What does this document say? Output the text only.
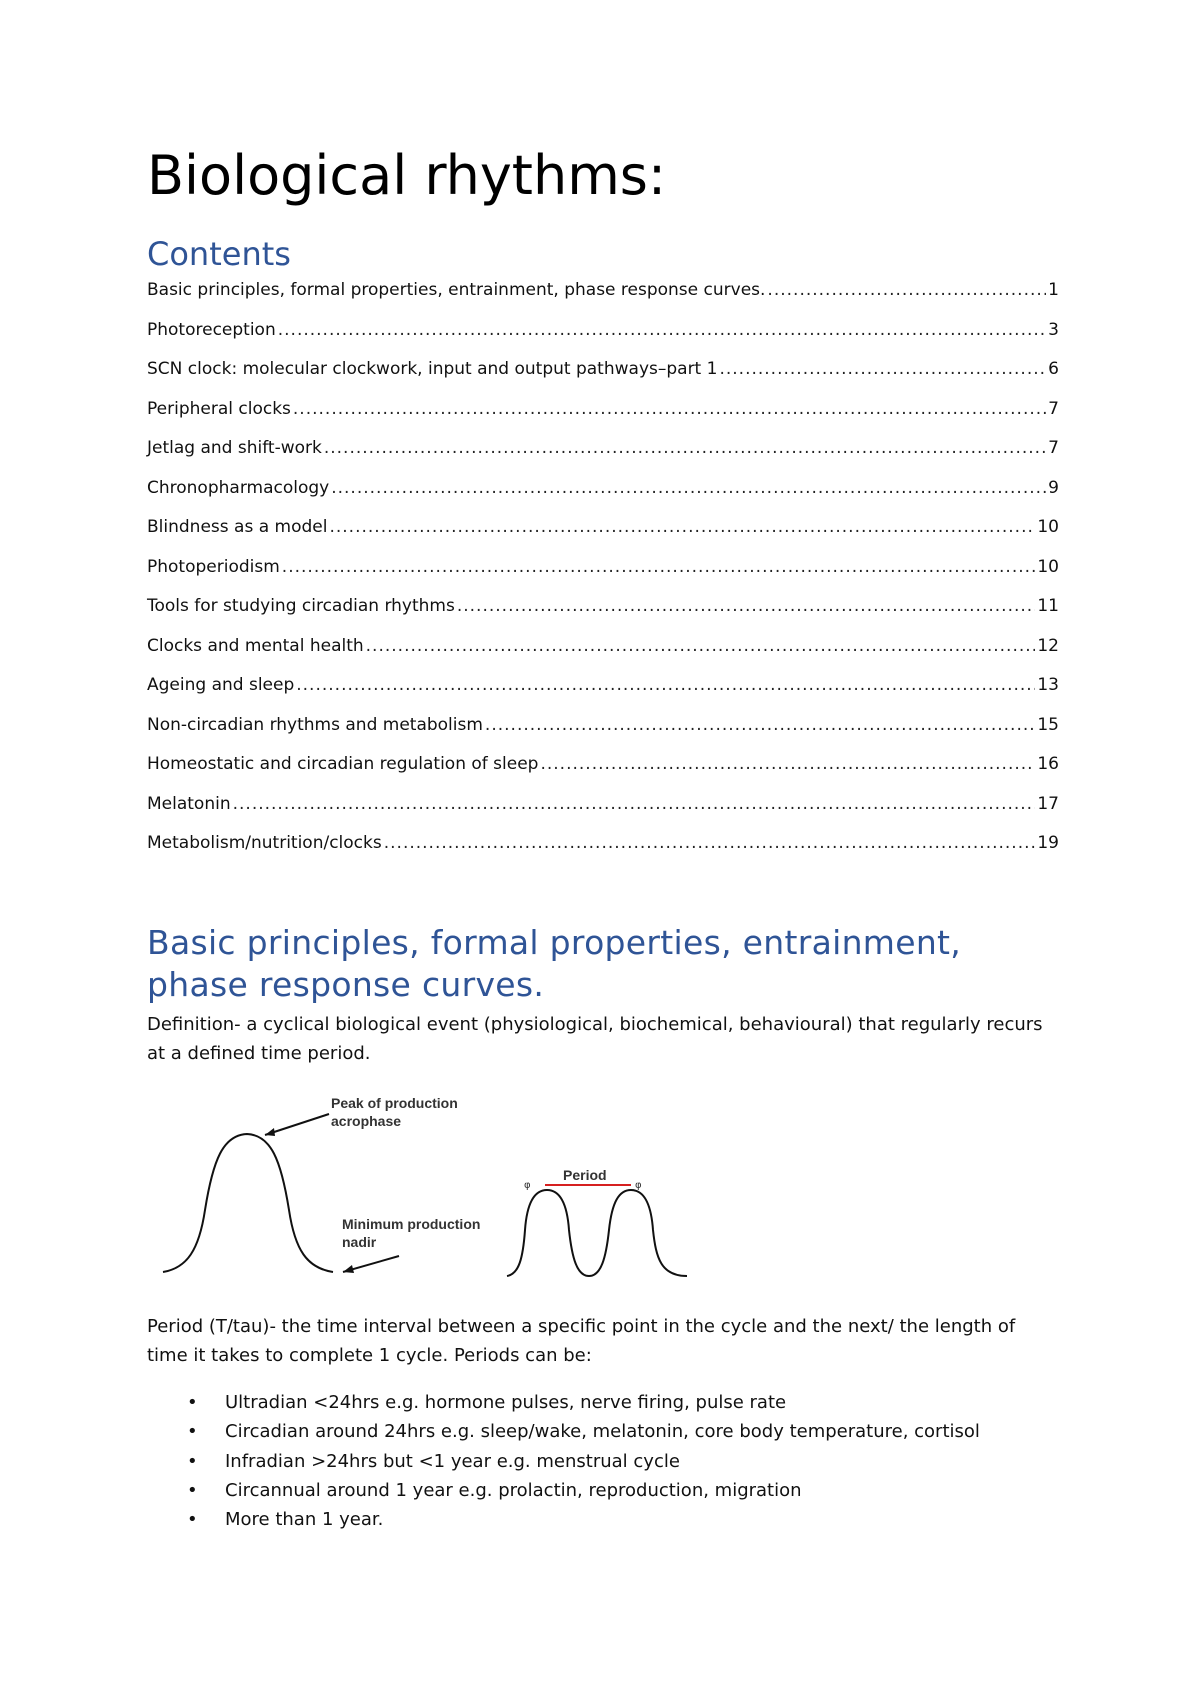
Biological rhythms:
Contents
Basic principles, formal properties, entrainment, phase response curves. .....	1
Photoreception .....	3
SCN clock: molecular clockwork, input and output pathways–part 1 .....	6
Peripheral clocks .....	7
Jetlag and shift-work .....	7
Chronopharmacology .....	9
Blindness as a model .....	10
Photoperiodism .....	10
Tools for studying circadian rhythms .....	11
Clocks and mental health .....	12
Ageing and sleep .....	13
Non-circadian rhythms and metabolism .....	15
Homeostatic and circadian regulation of sleep .....	16
Melatonin .....	17
Metabolism/nutrition/clocks .....	19
Basic principles, formal properties, entrainment, phase response curves.

Definition- a cyclical biological event (physiological, biochemical, behavioural) that regularly recurs at a defined time period.

Peak of production
acrophase
Minimum production
nadir
Period
φ	φ

Period (T/tau)- the time interval between a specific point in the cycle and the next/ the length of time it takes to complete 1 cycle. Periods can be:

• Ultradian <24hrs e.g. hormone pulses, nerve firing, pulse rate
• Circadian around 24hrs e.g. sleep/wake, melatonin, core body temperature, cortisol
• Infradian >24hrs but <1 year e.g. menstrual cycle
• Circannual around 1 year e.g. prolactin, reproduction, migration
• More than 1 year.
